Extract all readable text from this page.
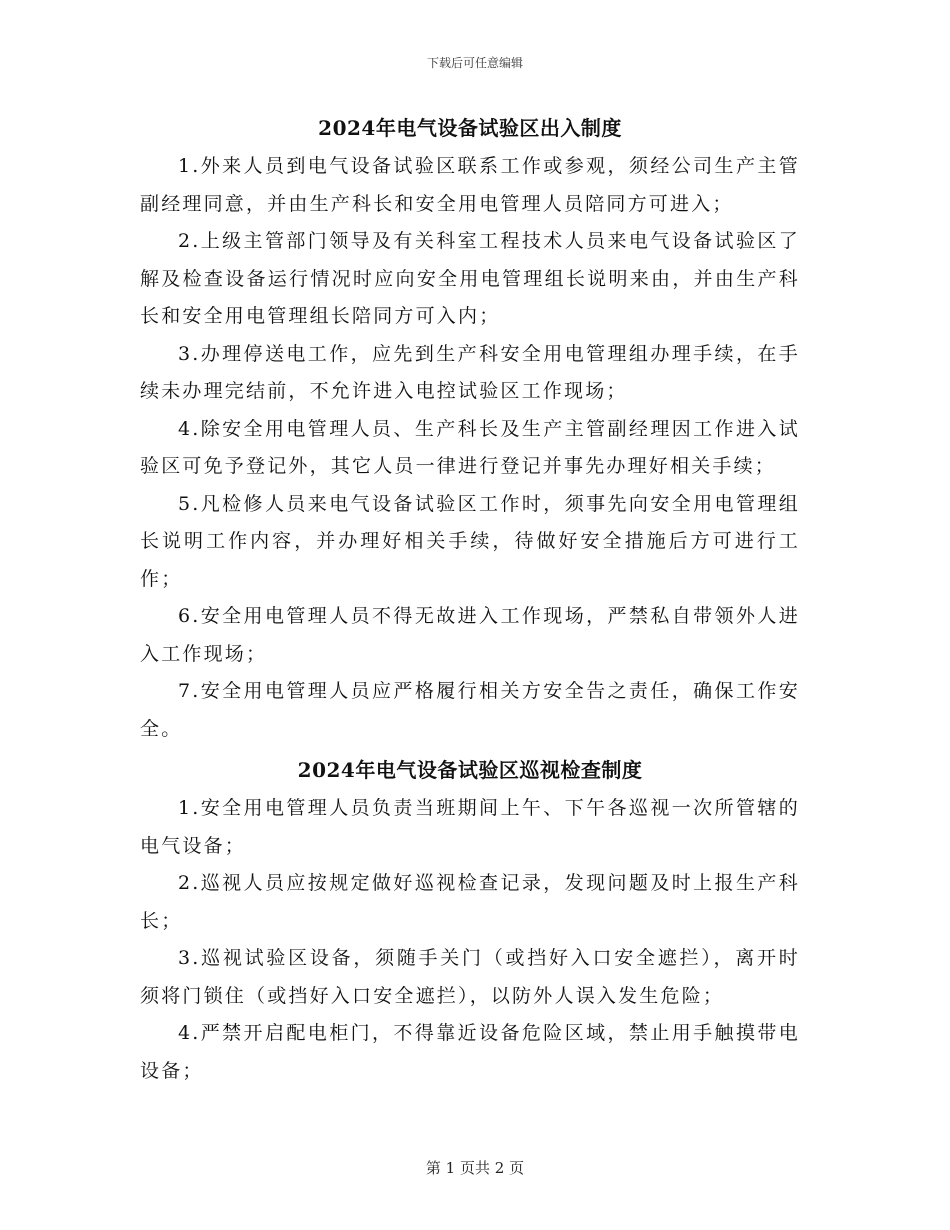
下载后可任意编辑
2024年电气设备试验区出入制度

1.外来人员到电气设备试验区联系工作或参观，须经公司生产主管副经理同意，并由生产科长和安全用电管理人员陪同方可进入；

2.上级主管部门领导及有关科室工程技术人员来电气设备试验区了解及检查设备运行情况时应向安全用电管理组长说明来由，并由生产科长和安全用电管理组长陪同方可入内；

3.办理停送电工作，应先到生产科安全用电管理组办理手续，在手续未办理完结前，不允许进入电控试验区工作现场；

4.除安全用电管理人员、生产科长及生产主管副经理因工作进入试验区可免予登记外，其它人员一律进行登记并事先办理好相关手续；

5.凡检修人员来电气设备试验区工作时，须事先向安全用电管理组长说明工作内容，并办理好相关手续，待做好安全措施后方可进行工作；

6.安全用电管理人员不得无故进入工作现场，严禁私自带领外人进入工作现场；

7.安全用电管理人员应严格履行相关方安全告之责任，确保工作安全。

2024年电气设备试验区巡视检查制度

1.安全用电管理人员负责当班期间上午、下午各巡视一次所管辖的电气设备；

2.巡视人员应按规定做好巡视检查记录，发现问题及时上报生产科长；

3.巡视试验区设备，须随手关门（或挡好入口安全遮拦），离开时须将门锁住（或挡好入口安全遮拦），以防外人误入发生危险；

4.严禁开启配电柜门，不得靠近设备危险区域，禁止用手触摸带电设备；

第 1 页共 2 页
